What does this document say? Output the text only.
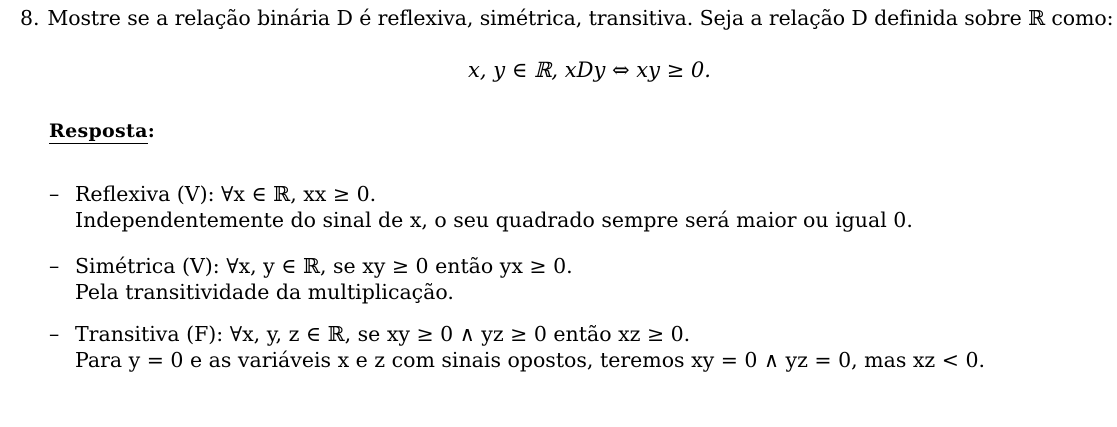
8. Mostre se a relação binária D é reflexiva, simétrica, transitiva. Seja a relação D definida sobre ℝ como:
x, y ∈ ℝ, xDy ⇔ xy ≥ 0.
Resposta:
– Reflexiva (V): ∀x ∈ ℝ, xx ≥ 0.
Independentemente do sinal de x, o seu quadrado sempre será maior ou igual 0.
– Simétrica (V): ∀x, y ∈ ℝ, se xy ≥ 0 então yx ≥ 0.
Pela transitividade da multiplicação.
– Transitiva (F): ∀x, y, z ∈ ℝ, se xy ≥ 0 ∧ yz ≥ 0 então xz ≥ 0.
Para y = 0 e as variáveis x e z com sinais opostos, teremos xy = 0 ∧ yz = 0, mas xz < 0.
